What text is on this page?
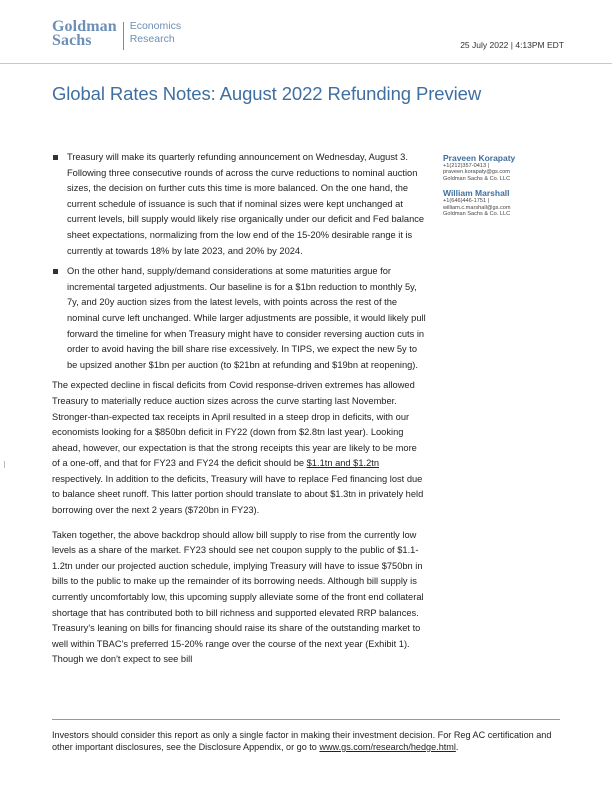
Goldman
Sachs
Economics
Research	25 July 2022 | 4:13PM EDT
Global Rates Notes: August 2022 Refunding Preview
Praveen Korapaty
+1(212)357-0413 |
praveen.korapaty@gs.com
Goldman Sachs & Co. LLC
William Marshall
+1(646)446-1751 |
william.c.marshall@gs.com
Goldman Sachs & Co. LLC
Treasury will make its quarterly refunding announcement on Wednesday, August 3. Following three consecutive rounds of across the curve reductions to nominal auction sizes, the decision on further cuts this time is more balanced. On the one hand, the current schedule of issuance is such that if nominal sizes were kept unchanged at current levels, bill supply would likely rise organically under our deficit and Fed balance sheet expectations, normalizing from the low end of the 15-20% desirable range it is currently at towards 18% by late 2023, and 20% by 2024.
On the other hand, supply/demand considerations at some maturities argue for incremental targeted adjustments. Our baseline is for a $1bn reduction to monthly 5y, 7y, and 20y auction sizes from the latest levels, with points across the rest of the nominal curve left unchanged. While larger adjustments are possible, it would likely pull forward the timeline for when Treasury might have to consider reversing auction cuts in order to avoid having the bill share rise excessively. In TIPS, we expect the new 5y to be upsized another $1bn per auction (to $21bn at refunding and $19bn at reopening).

The expected decline in fiscal deficits from Covid response-driven extremes has allowed Treasury to materially reduce auction sizes across the curve starting last November. Stronger-than-expected tax receipts in April resulted in a steep drop in deficits, with our economists looking for a $850bn deficit in FY22 (down from $2.8tn last year). Looking ahead, however, our expectation is that the strong receipts this year are likely to be more of a one-off, and that for FY23 and FY24 the deficit should be $1.1tn and $1.2tn respectively. In addition to the deficits, Treasury will have to replace Fed financing lost due to balance sheet runoff. This latter portion should translate to about $1.3tn in privately held borrowing over the next 2 years ($720bn in FY23).

Taken together, the above backdrop should allow bill supply to rise from the currently low levels as a share of the market. FY23 should see net coupon supply to the public of $1.1-1.2tn under our projected auction schedule, implying Treasury will have to issue $750bn in bills to the public to make up the remainder of its borrowing needs. Although bill supply is currently uncomfortably low, this upcoming supply alleviate some of the front end collateral shortage that has contributed both to bill richness and supported elevated RRP balances. Treasury's leaning on bills for financing should raise its share of the outstanding market to well within TBAC's preferred 15-20% range over the course of the next year (Exhibit 1). Though we don't expect to see bill

Investors should consider this report as only a single factor in making their investment decision. For Reg AC certification and other important disclosures, see the Disclosure Appendix, or go to www.gs.com/research/hedge.html.
